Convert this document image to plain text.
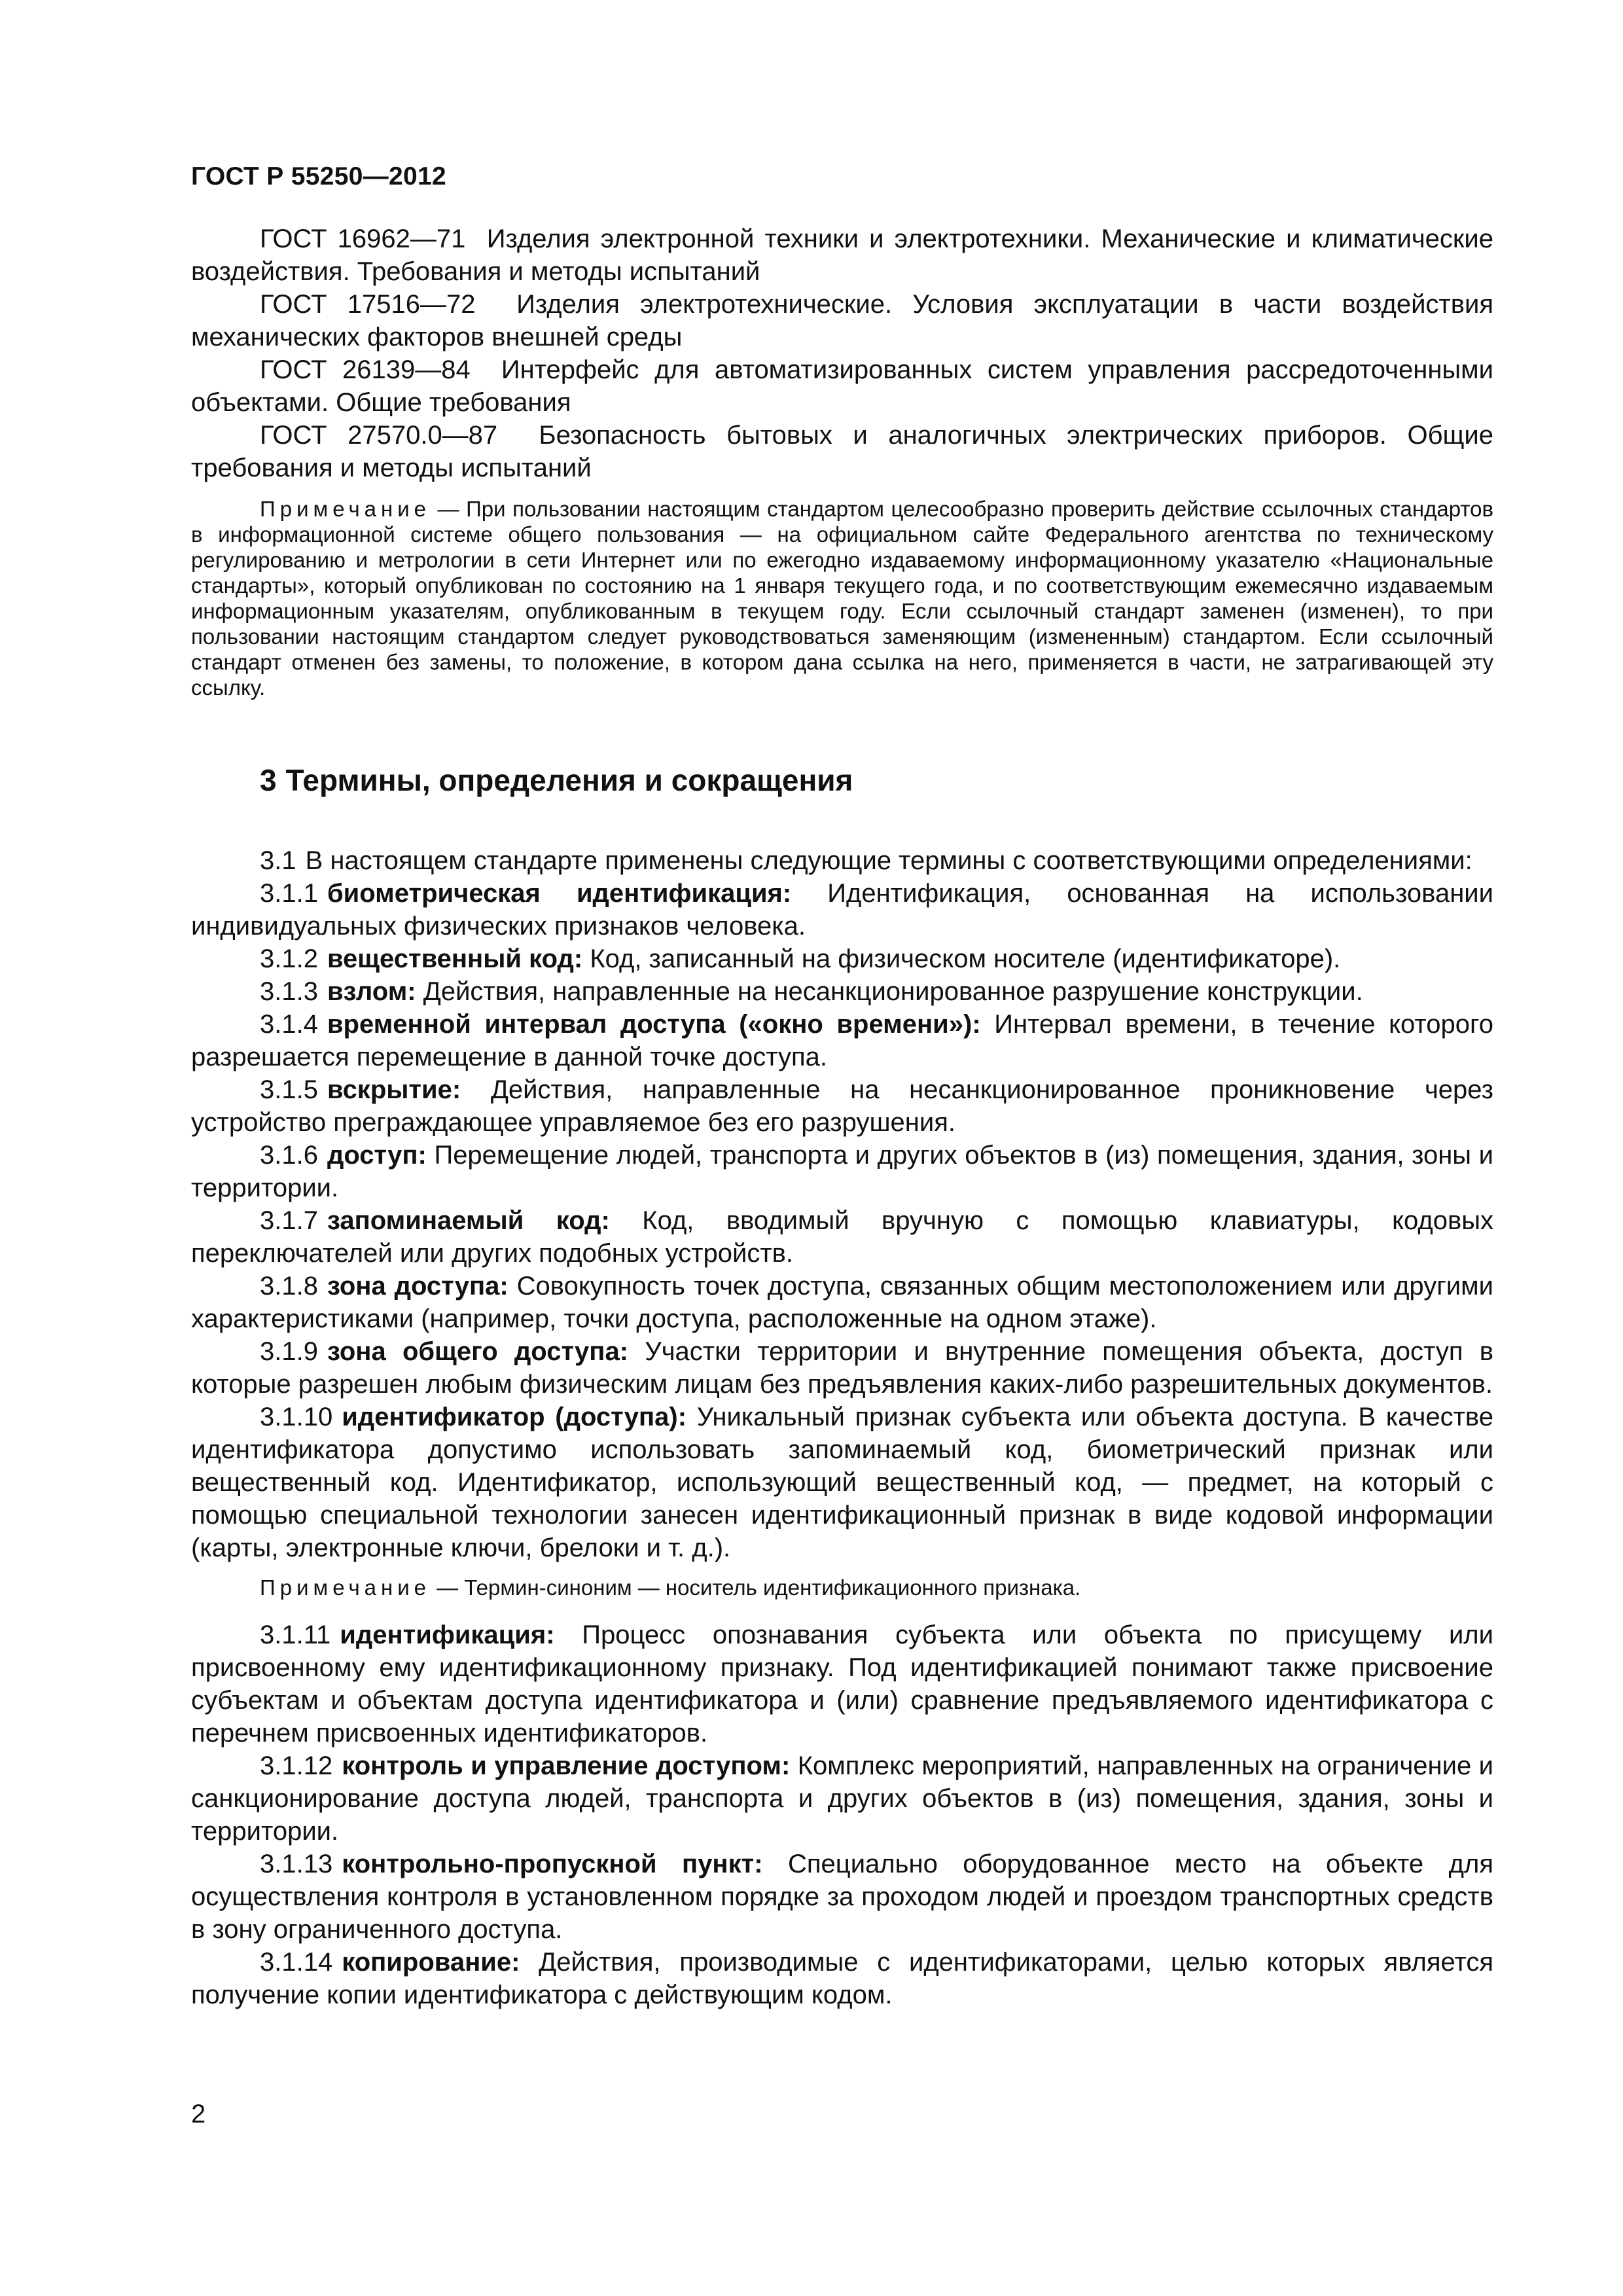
ГОСТ Р 55250—2012

ГОСТ 16962—71 Изделия электронной техники и электротехники. Механические и климатические воздействия. Требования и методы испытаний

ГОСТ 17516—72 Изделия электротехнические. Условия эксплуатации в части воздействия механических факторов внешней среды

ГОСТ 26139—84 Интерфейс для автоматизированных систем управления рассредоточенными объектами. Общие требования

ГОСТ 27570.0—87 Безопасность бытовых и аналогичных электрических приборов. Общие требования и методы испытаний

Примечание — При пользовании настоящим стандартом целесообразно проверить действие ссылочных стандартов в информационной системе общего пользования — на официальном сайте Федерального агентства по техническому регулированию и метрологии в сети Интернет или по ежегодно издаваемому информационному указателю «Национальные стандарты», который опубликован по состоянию на 1 января текущего года, и по соответствующим ежемесячно издаваемым информационным указателям, опубликованным в текущем году. Если ссылочный стандарт заменен (изменен), то при пользовании настоящим стандартом следует руководствоваться заменяющим (измененным) стандартом. Если ссылочный стандарт отменен без замены, то положение, в котором дана ссылка на него, применяется в части, не затрагивающей эту ссылку.

3 Термины, определения и сокращения

3.1 В настоящем стандарте применены следующие термины с соответствующими определениями:

3.1.1 биометрическая идентификация: Идентификация, основанная на использовании индивидуальных физических признаков человека.

3.1.2 вещественный код: Код, записанный на физическом носителе (идентификаторе).

3.1.3 взлом: Действия, направленные на несанкционированное разрушение конструкции.

3.1.4 временной интервал доступа («окно времени»): Интервал времени, в течение которого разрешается перемещение в данной точке доступа.

3.1.5 вскрытие: Действия, направленные на несанкционированное проникновение через устройство преграждающее управляемое без его разрушения.

3.1.6 доступ: Перемещение людей, транспорта и других объектов в (из) помещения, здания, зоны и территории.

3.1.7 запоминаемый код: Код, вводимый вручную с помощью клавиатуры, кодовых переключателей или других подобных устройств.

3.1.8 зона доступа: Совокупность точек доступа, связанных общим местоположением или другими характеристиками (например, точки доступа, расположенные на одном этаже).

3.1.9 зона общего доступа: Участки территории и внутренние помещения объекта, доступ в которые разрешен любым физическим лицам без предъявления каких-либо разрешительных документов.

3.1.10 идентификатор (доступа): Уникальный признак субъекта или объекта доступа. В качестве идентификатора допустимо использовать запоминаемый код, биометрический признак или вещественный код. Идентификатор, использующий вещественный код, — предмет, на который с помощью специальной технологии занесен идентификационный признак в виде кодовой информации (карты, электронные ключи, брелоки и т. д.).

Примечание — Термин-синоним — носитель идентификационного признака.

3.1.11 идентификация: Процесс опознавания субъекта или объекта по присущему или присвоенному ему идентификационному признаку. Под идентификацией понимают также присвоение субъектам и объектам доступа идентификатора и (или) сравнение предъявляемого идентификатора с перечнем присвоенных идентификаторов.

3.1.12 контроль и управление доступом: Комплекс мероприятий, направленных на ограничение и санкционирование доступа людей, транспорта и других объектов в (из) помещения, здания, зоны и территории.

3.1.13 контрольно-пропускной пункт: Специально оборудованное место на объекте для осуществления контроля в установленном порядке за проходом людей и проездом транспортных средств в зону ограниченного доступа.

3.1.14 копирование: Действия, производимые с идентификаторами, целью которых является получение копии идентификатора с действующим кодом.

2
